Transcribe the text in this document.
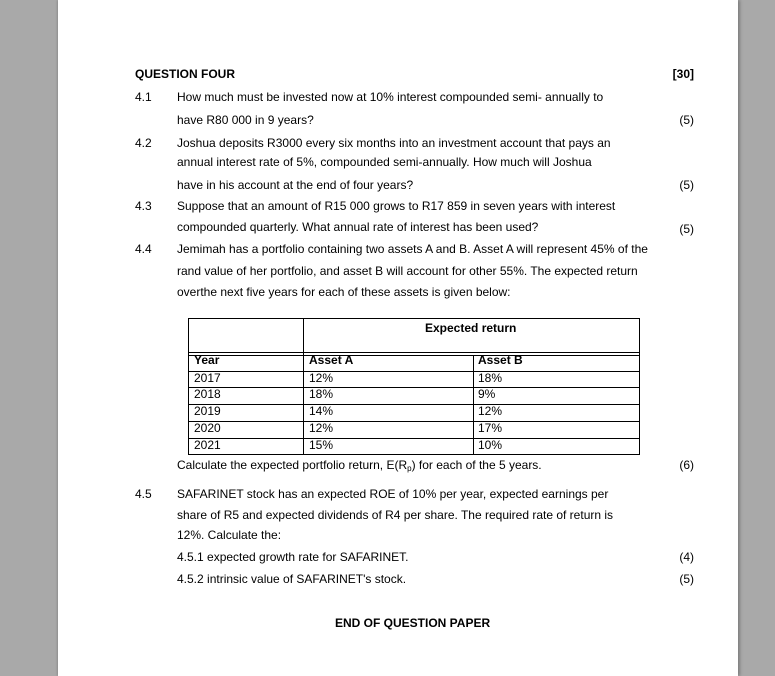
QUESTION FOUR	[30]
4.1 How much must be invested now at 10% interest compounded semi- annually to
have R80 000 in 9 years?	(5)
4.2 Joshua deposits R3000 every six months into an investment account that pays an
annual interest rate of 5%, compounded semi-annually. How much will Joshua
have in his account at the end of four years?	(5)
4.3 Suppose that an amount of R15 000 grows to R17 859 in seven years with interest
compounded quarterly. What annual rate of interest has been used?	(5)
4.4 Jemimah has a portfolio containing two assets A and B. Asset A will represent 45% of the
rand value of her portfolio, and asset B will account for other 55%. The expected return
overthe next five years for each of these assets is given below:
Expected return
Year	Asset A	Asset B
2017	12%	18%
2018	18%	9%
2019	14%	12%
2020	12%	17%
2021	15%	10%
Calculate the expected portfolio return, $E(R_p)$ for each of the 5 years.	(6)
4.5 SAFARINET stock has an expected ROE of 10% per year, expected earnings per
share of R5 and expected dividends of R4 per share. The required rate of return is
12%. Calculate the:
4.5.1 expected growth rate for SAFARINET.	(4)
4.5.2 intrinsic value of SAFARINET's stock.	(5)
END OF QUESTION PAPER
